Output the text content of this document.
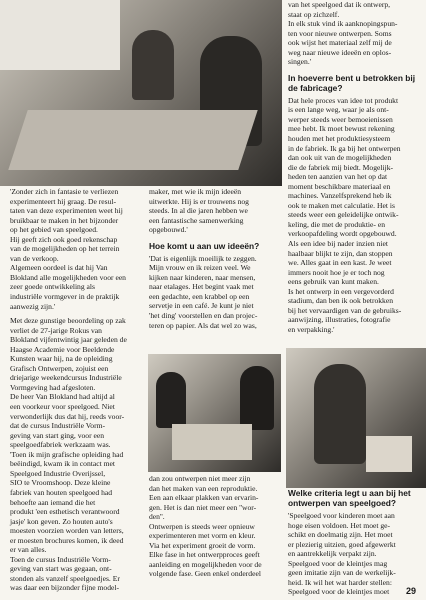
'Zonder zich in fantasie te verliezen
experimenteert hij graag. De resul-
taten van deze experimenten weet hij
bruikbaar te maken in het bijzonder
op het gebied van speelgoed.
Hij geeft zich ook goed rekenschap
van de mogelijkheden op het terrein
van de verkoop.
Algemeen oordeel is dat hij Van
Blokland alle mogelijkheden voor een
zeer goede ontwikkeling als
industriële vormgever in de praktijk
aanwezig zijn.'

Met deze gunstige beoordeling op zak
verliet de 27-jarige Rokus van
Blokland vijfentwintig jaar geleden de
Haagse Academie voor Beeldende
Kunsten waar hij, na de opleiding
Grafisch Ontwerpen, zojuist een
driejarige weekendcursus Industriële
Vormgeving had afgesloten.
De heer Van Blokland had altijd al
een voorkeur voor speelgoed. Niet
verwonderlijk dus dat hij, reeds voor-
dat de cursus Industriële Vorm-
geving van start ging, voor een
speelgoedfabriek werkzaam was.
'Toen ik mijn grafische opleiding had
beëindigd, kwam ik in contact met
Speelgoed Industrie Overijssel,
SIO te Vroomshoop. Deze kleine
fabriek van houten speelgoed had
behoefte aan iemand die het
produkt 'een esthetisch verantwoord
jasje' kon geven. Zo houten auto's
moesten voorzien worden van letters,
er moesten brochures komen, ik deed
er van alles.
Toen de cursus Industriële Vorm-
geving van start was gegaan, ont-
stonden als vanzelf speelgoedjes. Er
was daar een bijzonder fijne model-

maker, met wie ik mijn ideeën
uitwerkte. Hij is er trouwens nog
steeds. In al die jaren hebben we
een fantastische samenwerking
opgebouwd.'

Hoe komt u aan uw ideeën?

'Dat is eigenlijk moeilijk te zeggen.
Mijn vrouw en ik reizen veel. We
kijken naar kinderen, naar mensen,
naar etalages. Het begint vaak met
een gedachte, een krabbel op een
servetje in een café. Je kunt je niet
'het ding' voorstellen en dan projec-
teren op papier. Als dat wel zo was,

dan zou ontwerpen niet meer zijn
dan het maken van een reproduktie.
Een aan elkaar plakken van ervarin-
gen. Het is dan niet meer een ''wor-
den''.
Ontwerpen is steeds weer opnieuw
experimenteren met vorm en kleur.
Via het experiment groeit de vorm.
Elke fase in het ontwerpproces geeft
aanleiding en mogelijkheden voor de
volgende fase. Geen enkel onderdeel

van het speelgoed dat ik ontwerp,
staat op zichzelf.
In elk stuk vind ik aanknopingspun-
ten voor nieuwe ontwerpen. Soms
ook wijst het materiaal zelf mij de
weg naar nieuwe ideeën en oplos-
singen.'

In hoeverre bent u betrokken bij
de fabricage?

Dat hele proces van idee tot produkt
is een lange weg, waar je als ont-
werper steeds weer bemoeienissen
mee hebt. Ik moet bewust rekening
houden met het produktiesysteem
in de fabriek. Ik ga bij het ontwerpen
dan ook uit van de mogelijkheden
die de fabriek mij biedt. Mogelijk-
heden ten aanzien van het op dat
moment beschikbare materiaal en
machines. Vanzelfsprekend heb ik
ook te maken met calculatie. Het is
steeds weer een geleidelijke ontwik-
keling, die met de produktie- en
verkoopafdeling wordt opgebouwd.
Als een idee bij nader inzien niet
haalbaar blijkt te zijn, dan stoppen
we. Alles gaat in een kast. Je weet
immers nooit hoe je er toch nog
eens gebruik van kunt maken.
Is het ontwerp in een vergevorderd
stadium, dan ben ik ook betrokken
bij het vervaardigen van de gebruiks-
aanwijzing, illustraties, fotografie
en verpakking.'

Welke criteria legt u aan bij het
ontwerpen van speelgoed?

'Speelgoed voor kinderen moet aan
hoge eisen voldoen. Het moet ge-
schikt en doelmatig zijn. Het moet
er plezierig uitzien, goed afgewerkt
en aantrekkelijk verpakt zijn.
Speelgoed voor de kleintjes mag
geen imitatie zijn van de werkelijk-
heid. Ik wil het wat harder stellen:
Speelgoed voor de kleintjes moet	29
